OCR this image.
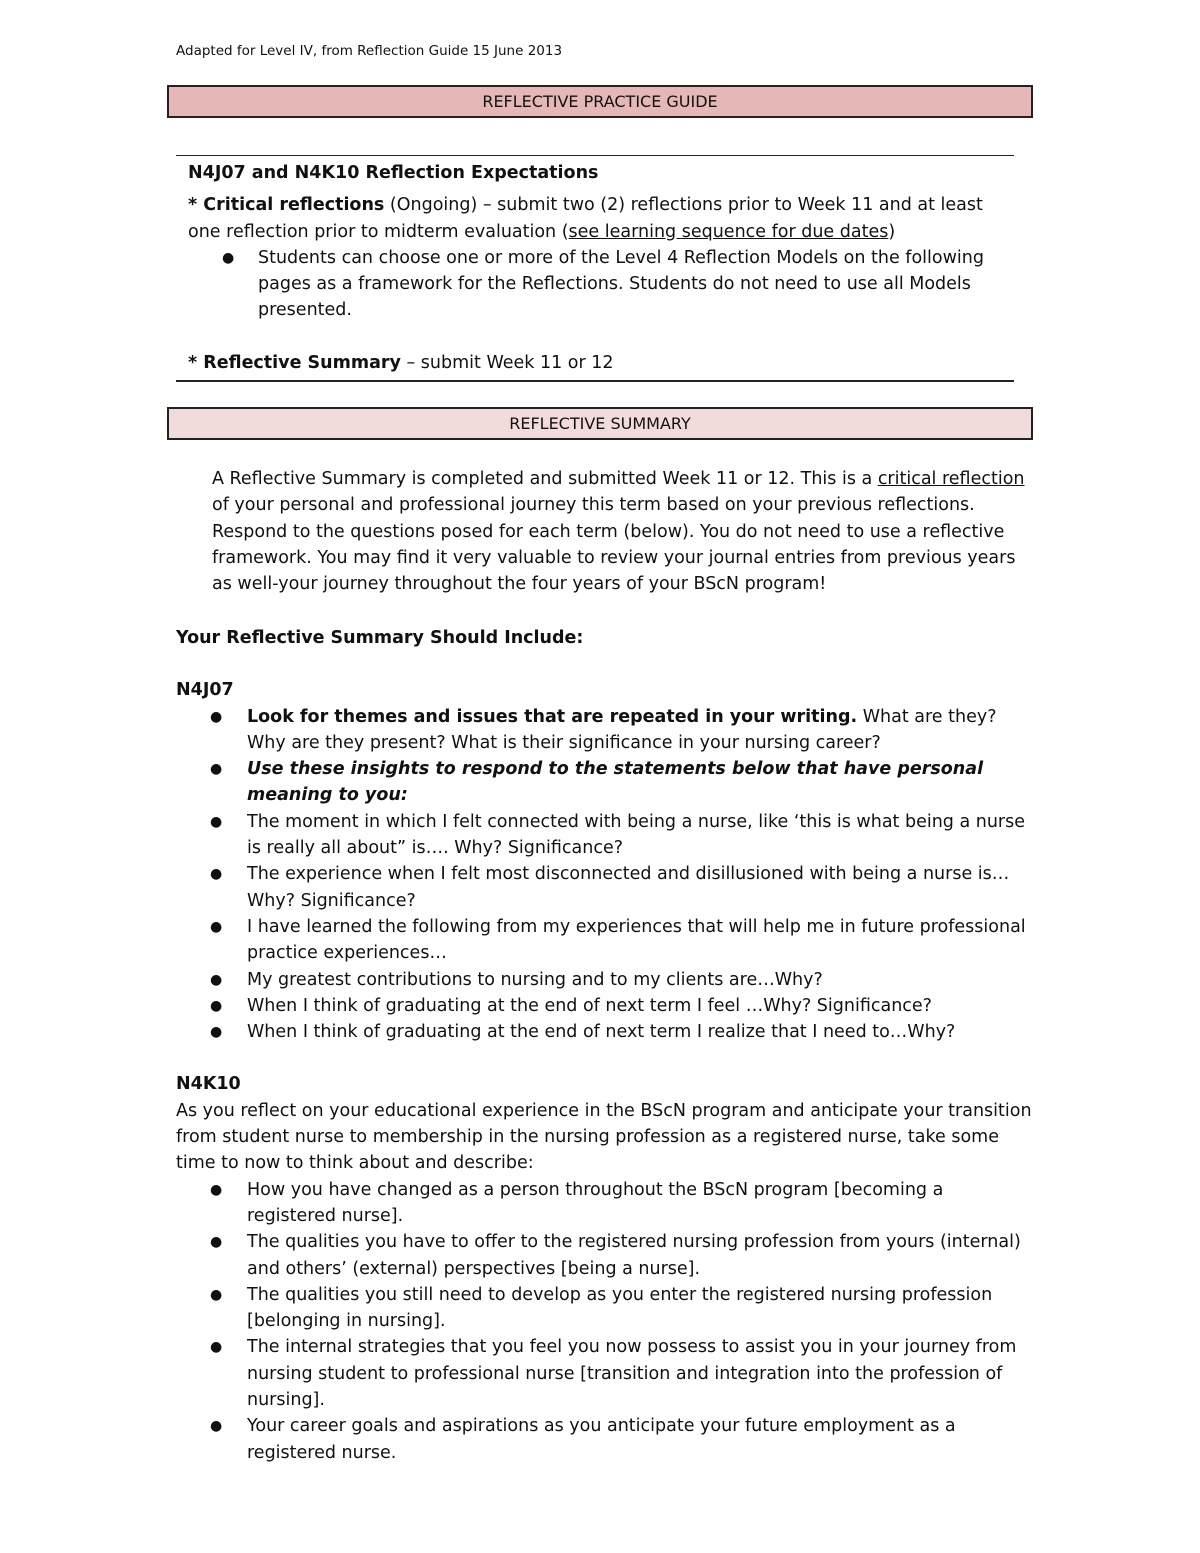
Adapted for Level IV, from Reflection Guide 15 June 2013
REFLECTIVE PRACTICE GUIDE

N4J07 and N4K10 Reflection Expectations

* Critical reflections (Ongoing) – submit two (2) reflections prior to Week 11 and at least one reflection prior to midterm evaluation (see learning sequence for due dates)

● Students can choose one or more of the Level 4 Reflection Models on the following pages as a framework for the Reflections. Students do not need to use all Models presented.

* Reflective Summary – submit Week 11 or 12

REFLECTIVE SUMMARY

A Reflective Summary is completed and submitted Week 11 or 12. This is a critical reflection of your personal and professional journey this term based on your previous reflections. Respond to the questions posed for each term (below). You do not need to use a reflective framework. You may find it very valuable to review your journal entries from previous years as well-your journey throughout the four years of your BScN program!

Your Reflective Summary Should Include:

N4J07

● Look for themes and issues that are repeated in your writing. What are they? Why are they present? What is their significance in your nursing career?
● Use these insights to respond to the statements below that have personal meaning to you:
● The moment in which I felt connected with being a nurse, like ‘this is what being a nurse is really all about” is…. Why? Significance?
● The experience when I felt most disconnected and disillusioned with being a nurse is… Why? Significance?
● I have learned the following from my experiences that will help me in future professional practice experiences…
● My greatest contributions to nursing and to my clients are…Why?
● When I think of graduating at the end of next term I feel …Why? Significance?
● When I think of graduating at the end of next term I realize that I need to…Why?

N4K10

As you reflect on your educational experience in the BScN program and anticipate your transition from student nurse to membership in the nursing profession as a registered nurse, take some time to now to think about and describe:

● How you have changed as a person throughout the BScN program [becoming a registered nurse].
● The qualities you have to offer to the registered nursing profession from yours (internal) and others’ (external) perspectives [being a nurse].
● The qualities you still need to develop as you enter the registered nursing profession [belonging in nursing].
● The internal strategies that you feel you now possess to assist you in your journey from nursing student to professional nurse [transition and integration into the profession of nursing].
● Your career goals and aspirations as you anticipate your future employment as a registered nurse.
